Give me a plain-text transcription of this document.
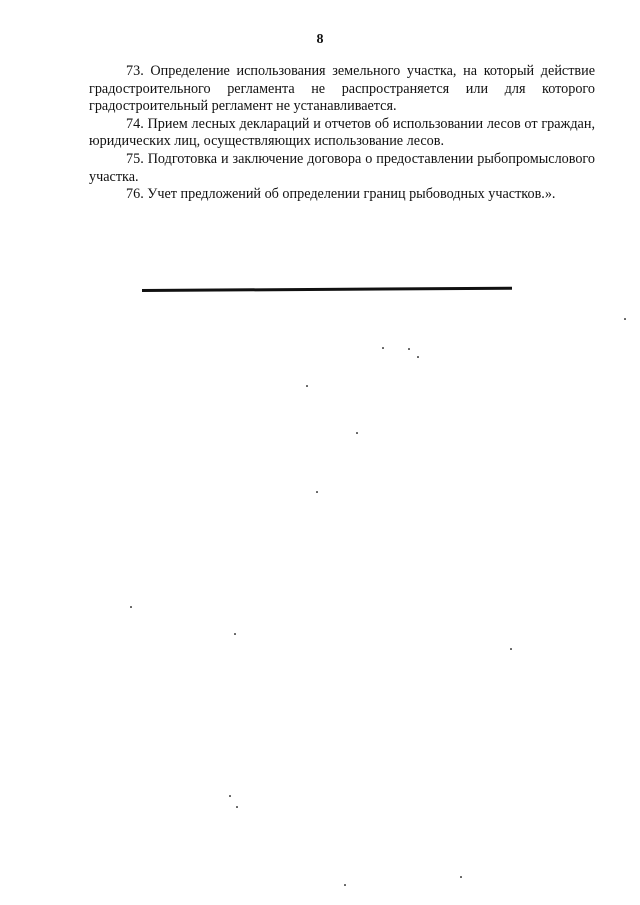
8

73. Определение использования земельного участка, на который действие градостроительного регламента не распространяется или для которого градостроительный регламент не устанавливается.

74. Прием лесных деклараций и отчетов об использовании лесов от граждан, юридических лиц, осуществляющих использование лесов.

75. Подготовка и заключение договора о предоставлении рыбопромыслового участка.

76. Учет предложений об определении границ рыбоводных участков.».
